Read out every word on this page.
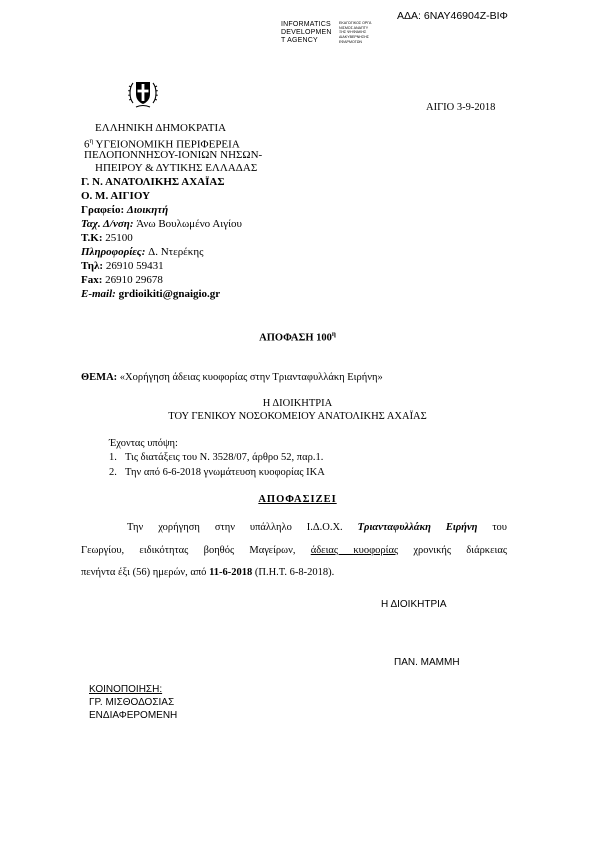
ΑΔΑ: 6ΝΑΥ46904Ζ-ΒΙΦ
INFORMATICS
DEVELOPMEN
T AGENCY
ΕΚΑΓΩΓΙΚΟΣ ΟΡΓΑ
ΝΙΣΜΟΣ ΑΝΑΠΤΥ
ΞΗΣ ΨΗΦΙΑΚΗΣ
ΔΙΑΚΥΒΕΡΝΗΣΗΣ
ΕΦΑΡΜΟΓΩΝ
ΑΙΓΙΟ 3-9-2018
ΕΛΛΗΝΙΚΗ ΔΗΜΟΚΡΑΤΙΑ
$6^\eta$ ΥΓΕΙΟΝΟΜΙΚΗ ΠΕΡΙΦΕΡΕΙΑ
ΠΕΛΟΠΟΝΝΗΣΟΥ-ΙΟΝΙΩΝ ΝΗΣΩΝ-
ΗΠΕΙΡΟΥ & ΔΥΤΙΚΗΣ ΕΛΛΑΔΑΣ
Γ. Ν. ΑΝΑΤΟΛΙΚΗΣ ΑΧΑΪΑΣ
Ο. Μ. ΑΙΓΙΟΥ
Γραφείο: Διοικητή
Ταχ. Δ/νση: Άνω Βουλωμένο Αιγίου
Τ.Κ: 25100
Πληροφορίες: Δ. Ντερέκης
Τηλ: 26910 59431
Fax: 26910 29678
E-mail: grdioikiti@gnaigio.gr
ΑΠΟΦΑΣΗ $100^\eta$
ΘΕΜΑ: «Χορήγηση άδειας κυοφορίας στην Τριανταφυλλάκη Ειρήνη»
Η ΔΙΟΙΚΗΤΡΙΑ
ΤΟΥ ΓΕΝΙΚΟΥ ΝΟΣΟΚΟΜΕΙΟΥ ΑΝΑΤΟΛΙΚΗΣ ΑΧΑΪΑΣ
Έχοντας υπόψη:
1. Τις διατάξεις του Ν. 3528/07, άρθρο 52, παρ.1.
2. Την από 6-6-2018 γνωμάτευση κυοφορίας ΙΚΑ
ΑΠΟΦΑΣΙΖΕΙ
Την χορήγηση στην υπάλληλο Ι.Δ.Ο.Χ. Τριανταφυλλάκη Ειρήνη του
Γεωργίου, ειδικότητας βοηθός Μαγείρων, άδειας κυοφορίας χρονικής διάρκειας
πενήντα έξι (56) ημερών, από 11-6-2018 (Π.Η.Τ. 6-8-2018).
Η ΔΙΟΙΚΗΤΡΙΑ
ΠΑΝ. ΜΑΜΜΗ
ΚΟΙΝΟΠΟΙΗΣΗ:
ΓΡ. ΜΙΣΘΟΔΟΣΙΑΣ
ΕΝΔΙΑΦΕΡΟΜΕΝΗ
